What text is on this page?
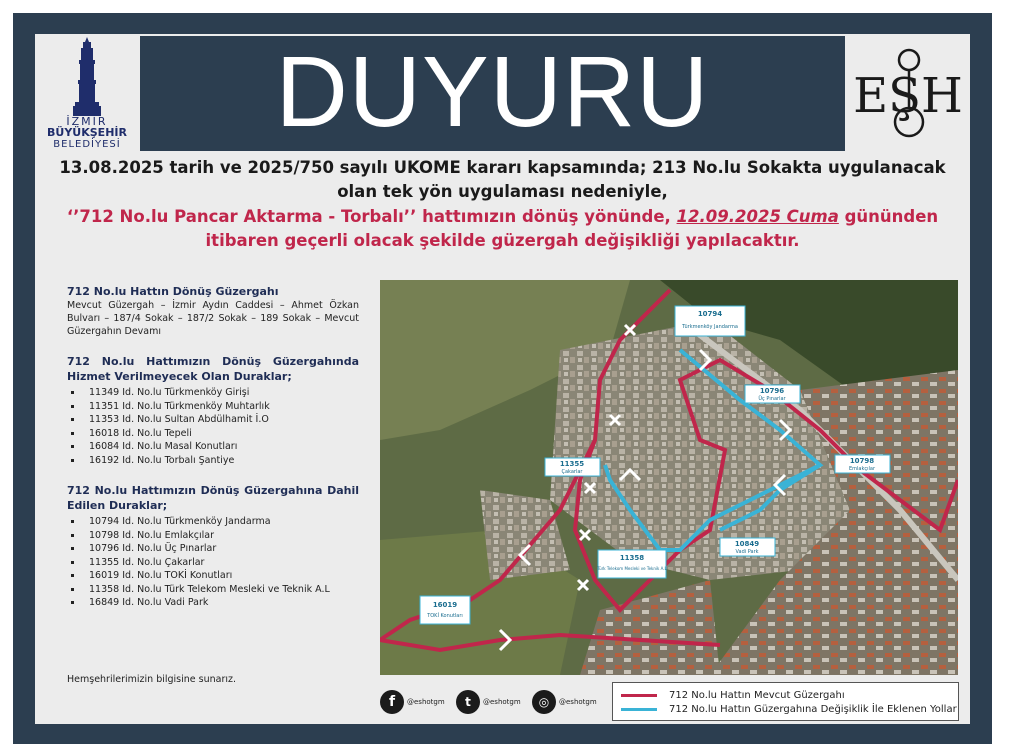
İZMİR
BÜYÜKŞEHİR
BELEDİYESİ	DUYURU	EŞH
13.08.2025 tarih ve 2025/750 sayılı UKOME kararı kapsamında; 213 No.lu Sokakta uygulanacak
olan tek yön uygulaması nedeniyle,
‘’712 No.lu Pancar Aktarma - Torbalı’’ hattımızın dönüş yönünde, 12.09.2025 Cuma gününden
itibaren geçerli olacak şekilde güzergah değişikliği yapılacaktır.
712 No.lu Hattın Dönüş Güzergahı
Mevcut Güzergah – İzmir Aydın Caddesi – Ahmet Özkan Bulvarı – 187/4 Sokak – 187/2 Sokak – 189 Sokak – Mevcut Güzergahın Devamı
712 No.lu Hattımızın Dönüş Güzergahında Hizmet Verilmeyecek Olan Duraklar;
▪ 11349 Id. No.lu Türkmenköy Girişi
▪ 11351 Id. No.lu Türkmenköy Muhtarlık
▪ 11353 Id. No.lu Sultan Abdülhamit İ.O
▪ 16018 Id. No.lu Tepeli
▪ 16084 Id. No.lu Masal Konutları
▪ 16192 Id. No.lu Torbalı Şantiye
712 No.lu Hattımızın Dönüş Güzergahına Dahil Edilen Duraklar;
▪ 10794 Id. No.lu Türkmenköy Jandarma
▪ 10798 Id. No.lu Emlakçılar
▪ 10796 Id. No.lu Üç Pınarlar
▪ 11355 Id. No.lu Çakarlar
▪ 16019 Id. No.lu TOKİ Konutları
▪ 11358 Id. No.lu Türk Telekom Mesleki ve Teknik A.L
▪ 16849 Id. No.lu Vadi Park
Hemşehrilerimizin bilgisine sunarız.
10794
Türkmenköy Jandarma
10796
Üç Pınarlar
10798
Emlakçılar
11355
Çakarlar
11358
Türk Telekom Mesleki ve Teknik A.L
10849
Vadi Park
16019
TOKİ Konutları
f	@eshotgm	t	@eshotgm	◎	@eshotgm
712 No.lu Hattın Mevcut Güzergahı
712 No.lu Hattın Güzergahına Değişiklik İle Eklenen Yollar
